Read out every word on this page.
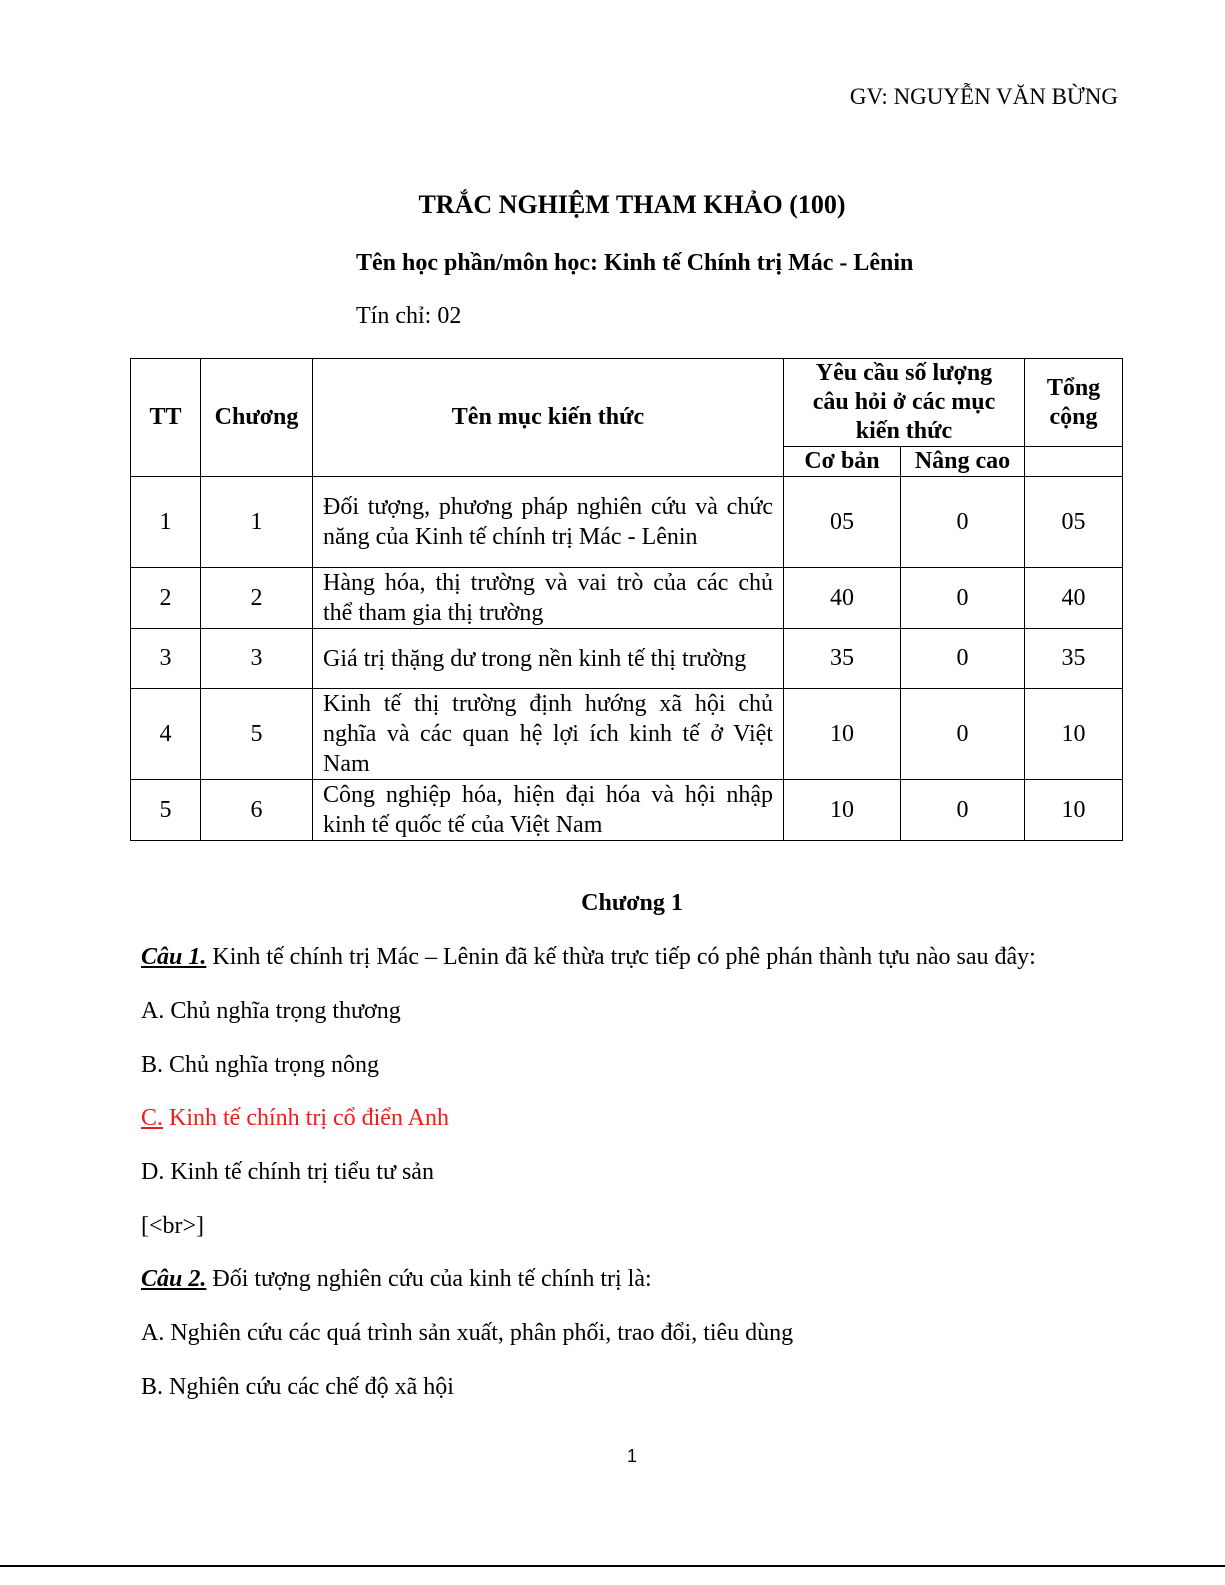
GV: NGUYỄN VĂN BỪNG
TRẮC NGHIỆM THAM KHẢO (100)
Tên học phần/môn học: Kinh tế Chính trị Mác - Lênin
Tín chỉ: 02
TT	Chương	Tên mục kiến thức	Yêu cầu số lượng câu hỏi ở các mục kiến thức		Tổng cộng
			Cơ bản	Nâng cao	
1	1	Đối tượng, phương pháp nghiên cứu và chức năng của Kinh tế chính trị Mác - Lênin	05	0	05
2	2	Hàng hóa, thị trường và vai trò của các chủ thể tham gia thị trường	40	0	40
3	3	Giá trị thặng dư trong nền kinh tế thị trường	35	0	35
4	5	Kinh tế thị trường định hướng xã hội chủ nghĩa và các quan hệ lợi ích kinh tế ở Việt Nam	10	0	10
5	6	Công nghiệp hóa, hiện đại hóa và hội nhập kinh tế quốc tế của Việt Nam	10	0	10
Chương 1
Câu 1. Kinh tế chính trị Mác – Lênin đã kế thừa trực tiếp có phê phán thành tựu nào sau đây:
A. Chủ nghĩa trọng thương
B. Chủ nghĩa trọng nông
C. Kinh tế chính trị cổ điển Anh
D. Kinh tế chính trị tiểu tư sản
[<br>]
Câu 2. Đối tượng nghiên cứu của kinh tế chính trị là:
A. Nghiên cứu các quá trình sản xuất, phân phối, trao đổi, tiêu dùng
B. Nghiên cứu các chế độ xã hội
1
